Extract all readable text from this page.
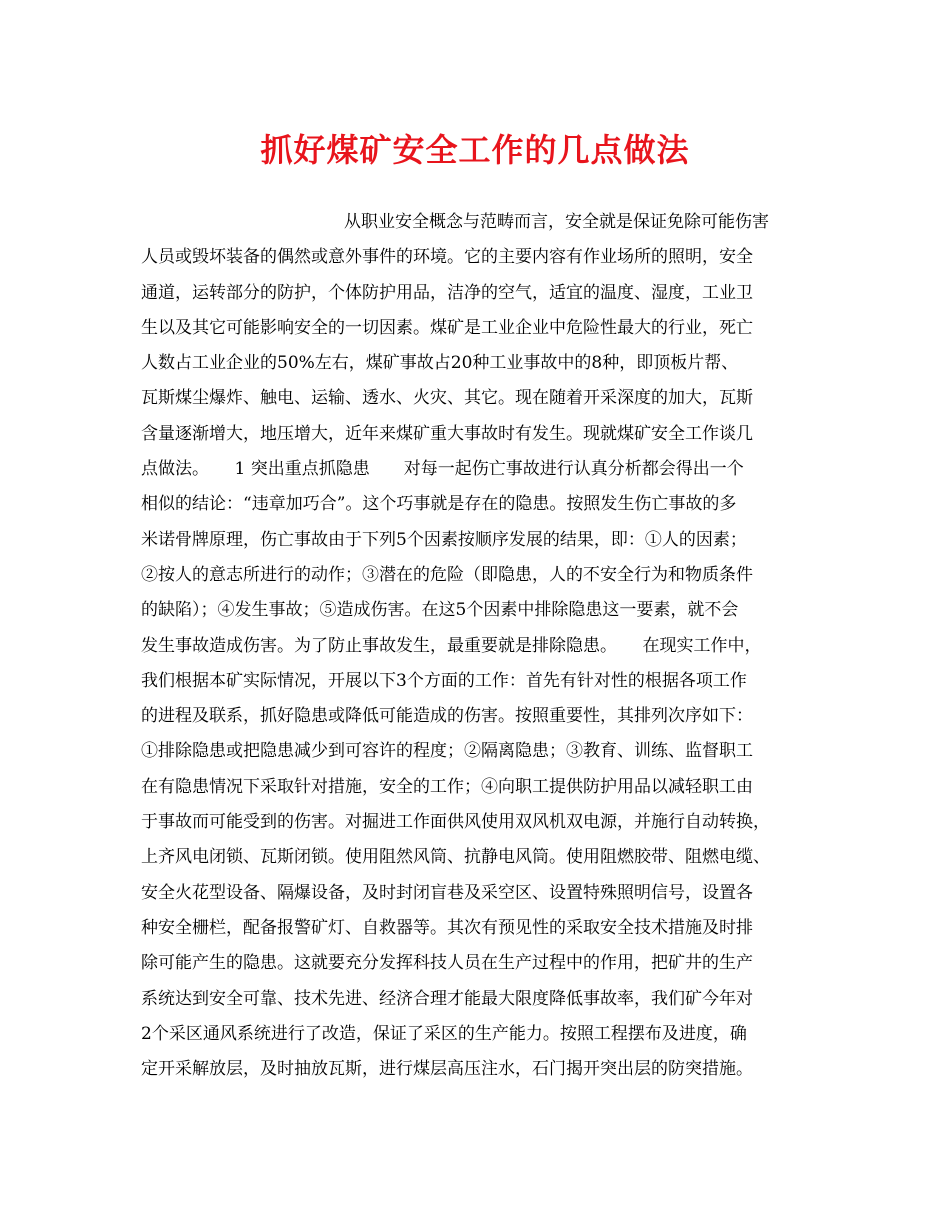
抓好煤矿安全工作的几点做法
从职业安全概念与范畴而言，安全就是保证免除可能伤害
人员或毁坏装备的偶然或意外事件的环境。它的主要内容有作业场所的照明，安全
通道，运转部分的防护，个体防护用品，洁净的空气，适宜的温度、湿度，工业卫
生以及其它可能影响安全的一切因素。煤矿是工业企业中危险性最大的行业，死亡
人数占工业企业的50%左右，煤矿事故占20种工业事故中的8种，即顶板片帮、
瓦斯煤尘爆炸、触电、运输、透水、火灾、其它。现在随着开采深度的加大，瓦斯
含量逐渐增大，地压增大，近年来煤矿重大事故时有发生。现就煤矿安全工作谈几
点做法。　　1 突出重点抓隐患　　对每一起伤亡事故进行认真分析都会得出一个
相似的结论：“违章加巧合”。这个巧事就是存在的隐患。按照发生伤亡事故的多
米诺骨牌原理，伤亡事故由于下列5个因素按顺序发展的结果，即：①人的因素；
②按人的意志所进行的动作；③潜在的危险（即隐患，人的不安全行为和物质条件
的缺陷）；④发生事故；⑤造成伤害。在这5个因素中排除隐患这一要素，就不会
发生事故造成伤害。为了防止事故发生，最重要就是排除隐患。　　在现实工作中，
我们根据本矿实际情况，开展以下3个方面的工作：首先有针对性的根据各项工作
的进程及联系，抓好隐患或降低可能造成的伤害。按照重要性，其排列次序如下：
①排除隐患或把隐患减少到可容许的程度；②隔离隐患；③教育、训练、监督职工
在有隐患情况下采取针对措施，安全的工作；④向职工提供防护用品以减轻职工由
于事故而可能受到的伤害。对掘进工作面供风使用双风机双电源，并施行自动转换，
上齐风电闭锁、瓦斯闭锁。使用阻然风筒、抗静电风筒。使用阻燃胶带、阻燃电缆、
安全火花型设备、隔爆设备，及时封闭盲巷及采空区、设置特殊照明信号，设置各
种安全栅栏，配备报警矿灯、自救器等。其次有预见性的采取安全技术措施及时排
除可能产生的隐患。这就要充分发挥科技人员在生产过程中的作用，把矿井的生产
系统达到安全可靠、技术先进、经济合理才能最大限度降低事故率，我们矿今年对
2个采区通风系统进行了改造，保证了采区的生产能力。按照工程摆布及进度，确
定开采解放层，及时抽放瓦斯，进行煤层高压注水，石门揭开突出层的防突措施。
